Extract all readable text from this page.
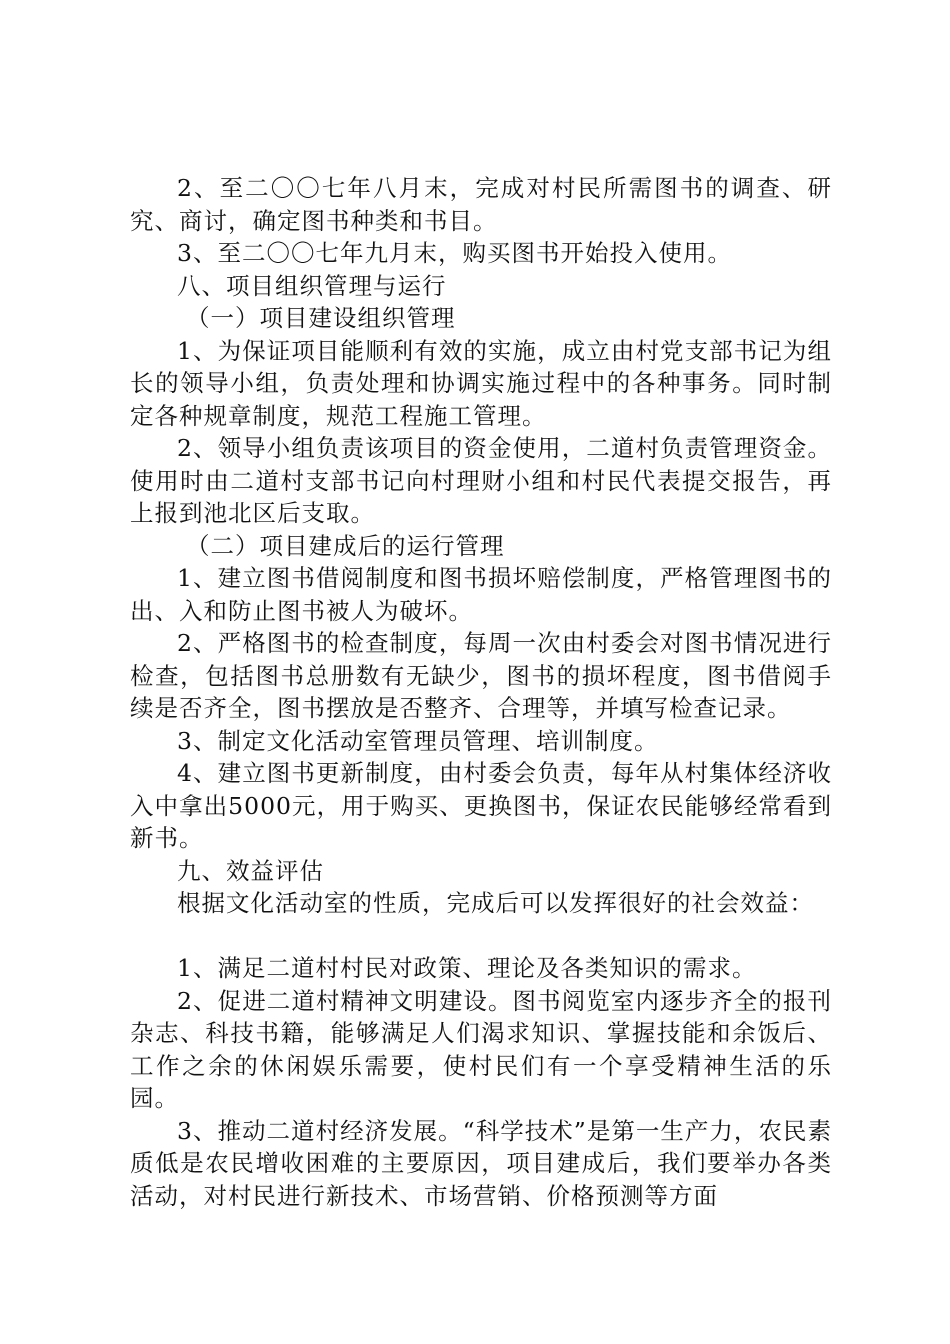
2、至二〇〇七年八月末，完成对村民所需图书的调查、研究、商讨，确定图书种类和书目。

3、至二〇〇七年九月末，购买图书开始投入使用。

八、项目组织管理与运行

（一）项目建设组织管理

1、为保证项目能顺利有效的实施，成立由村党支部书记为组长的领导小组，负责处理和协调实施过程中的各种事务。同时制定各种规章制度，规范工程施工管理。

2、领导小组负责该项目的资金使用，二道村负责管理资金。使用时由二道村支部书记向村理财小组和村民代表提交报告，再上报到池北区后支取。

（二）项目建成后的运行管理

1、建立图书借阅制度和图书损坏赔偿制度，严格管理图书的出、入和防止图书被人为破坏。

2、严格图书的检查制度，每周一次由村委会对图书情况进行检查，包括图书总册数有无缺少，图书的损坏程度，图书借阅手续是否齐全，图书摆放是否整齐、合理等，并填写检查记录。

3、制定文化活动室管理员管理、培训制度。

4、建立图书更新制度，由村委会负责，每年从村集体经济收入中拿出5000元，用于购买、更换图书，保证农民能够经常看到新书。

九、效益评估

根据文化活动室的性质，完成后可以发挥很好的社会效益：

1、满足二道村村民对政策、理论及各类知识的需求。

2、促进二道村精神文明建设。图书阅览室内逐步齐全的报刊杂志、科技书籍，能够满足人们渴求知识、掌握技能和余饭后、工作之余的休闲娱乐需要，使村民们有一个享受精神生活的乐园。

3、推动二道村经济发展。“科学技术”是第一生产力，农民素质低是农民增收困难的主要原因，项目建成后，我们要举办各类活动，对村民进行新技术、市场营销、价格预测等方面
